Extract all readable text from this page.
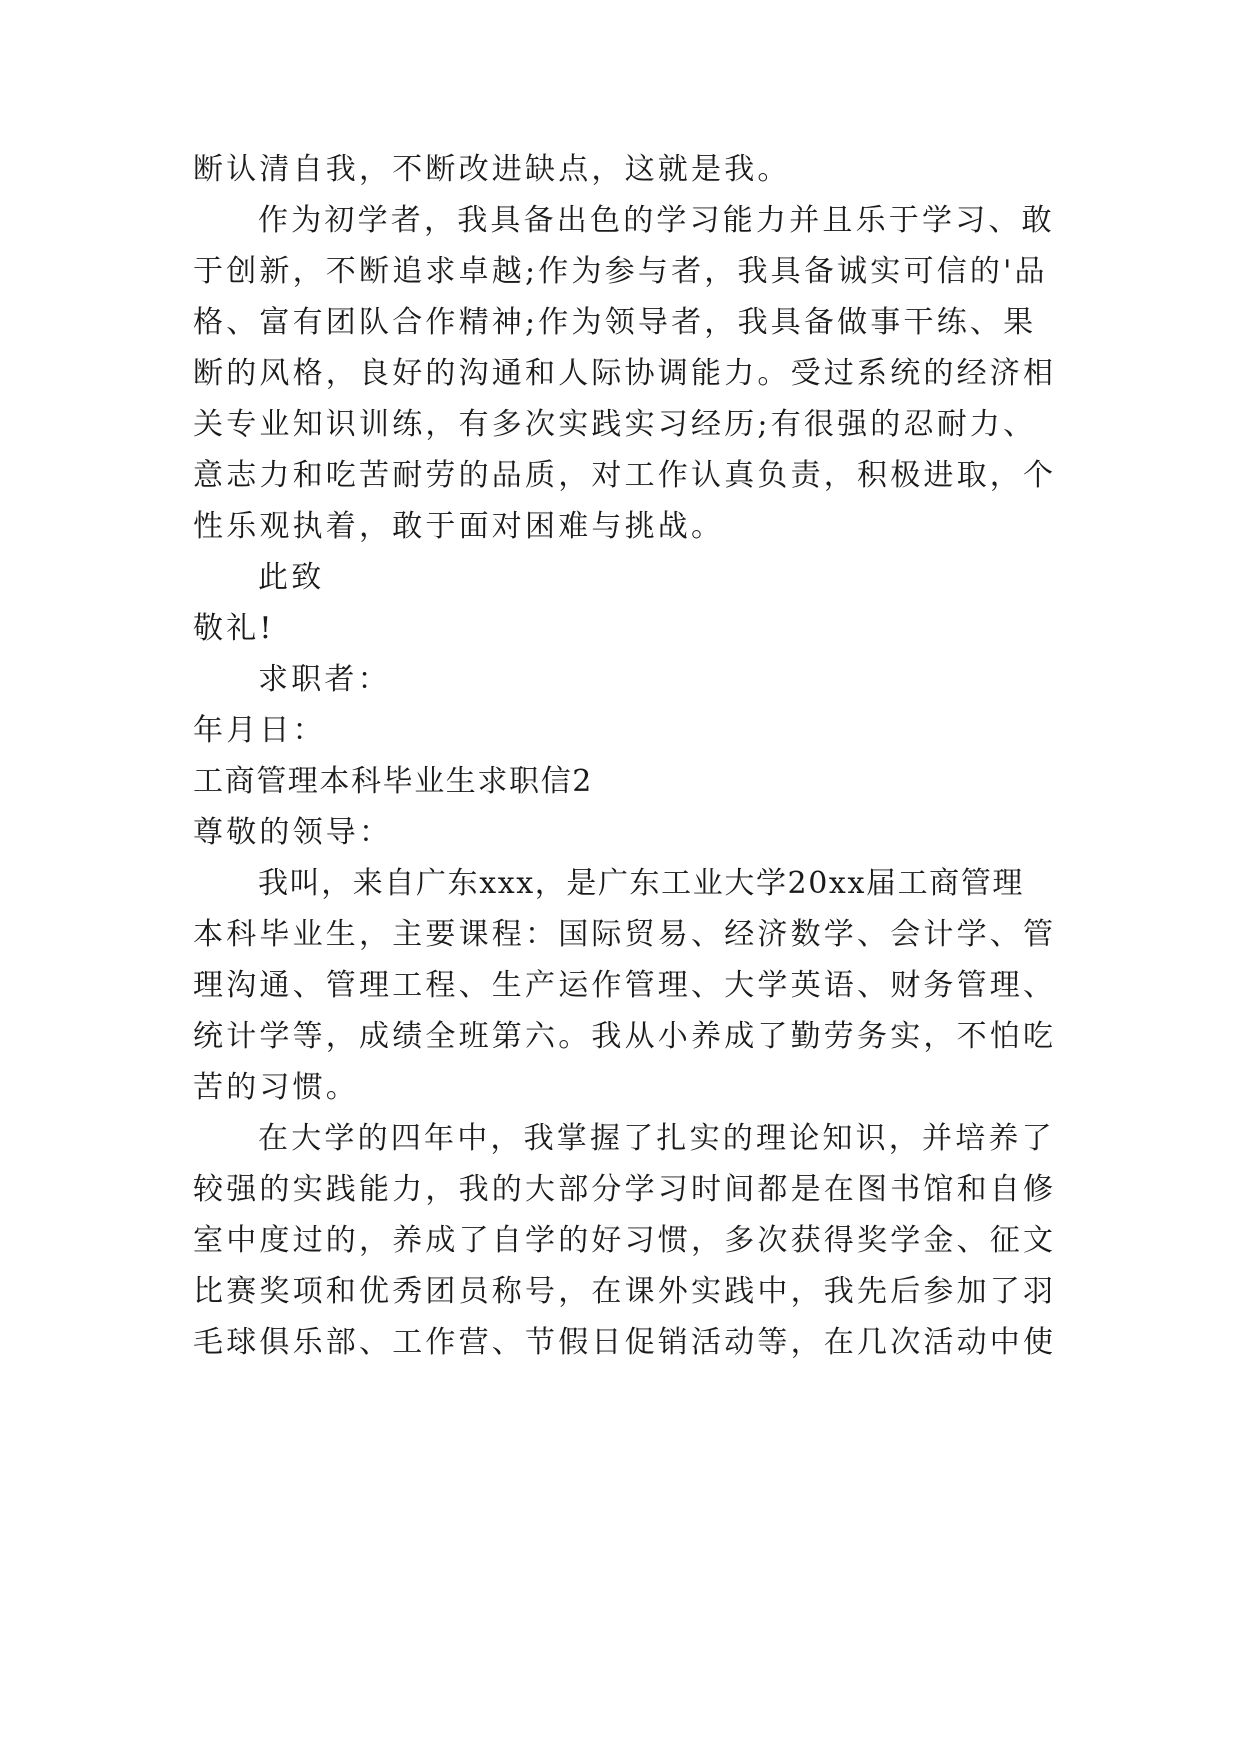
断认清自我，不断改进缺点，这就是我。
作为初学者，我具备出色的学习能力并且乐于学习、敢
于创新，不断追求卓越;作为参与者，我具备诚实可信的'品
格、富有团队合作精神;作为领导者，我具备做事干练、果
断的风格，良好的沟通和人际协调能力。受过系统的经济相
关专业知识训练，有多次实践实习经历;有很强的忍耐力、
意志力和吃苦耐劳的品质，对工作认真负责，积极进取，个
性乐观执着，敢于面对困难与挑战。
此致
敬礼!
求职者：
年月日：
工商管理本科毕业生求职信2
尊敬的领导：
我叫，来自广东xxx，是广东工业大学20xx届工商管理
本科毕业生，主要课程：国际贸易、经济数学、会计学、管
理沟通、管理工程、生产运作管理、大学英语、财务管理、
统计学等，成绩全班第六。我从小养成了勤劳务实，不怕吃
苦的习惯。
在大学的四年中，我掌握了扎实的理论知识，并培养了
较强的实践能力，我的大部分学习时间都是在图书馆和自修
室中度过的，养成了自学的好习惯，多次获得奖学金、征文
比赛奖项和优秀团员称号，在课外实践中，我先后参加了羽
毛球俱乐部、工作营、节假日促销活动等，在几次活动中使
